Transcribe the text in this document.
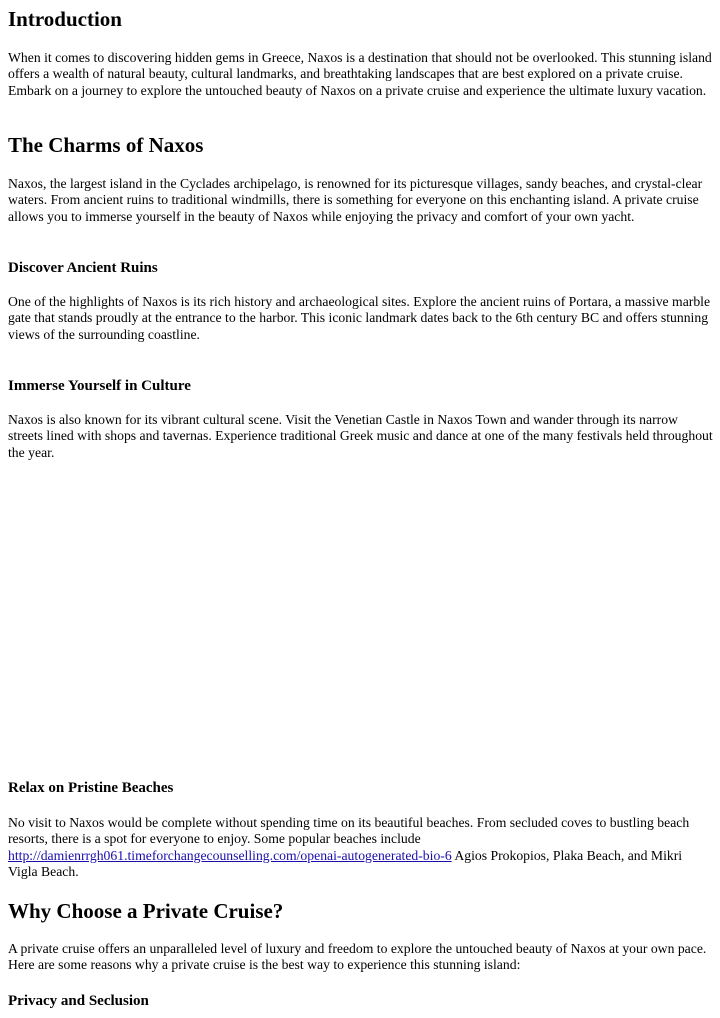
Introduction

When it comes to discovering hidden gems in Greece, Naxos is a destination that should not be overlooked. This stunning island offers a wealth of natural beauty, cultural landmarks, and breathtaking landscapes that are best explored on a private cruise. Embark on a journey to explore the untouched beauty of Naxos on a private cruise and experience the ultimate luxury vacation.

The Charms of Naxos

Naxos, the largest island in the Cyclades archipelago, is renowned for its picturesque villages, sandy beaches, and crystal-clear waters. From ancient ruins to traditional windmills, there is something for everyone on this enchanting island. A private cruise allows you to immerse yourself in the beauty of Naxos while enjoying the privacy and comfort of your own yacht.

Discover Ancient Ruins

One of the highlights of Naxos is its rich history and archaeological sites. Explore the ancient ruins of Portara, a massive marble gate that stands proudly at the entrance to the harbor. This iconic landmark dates back to the 6th century BC and offers stunning views of the surrounding coastline.

Immerse Yourself in Culture

Naxos is also known for its vibrant cultural scene. Visit the Venetian Castle in Naxos Town and wander through its narrow streets lined with shops and tavernas. Experience traditional Greek music and dance at one of the many festivals held throughout the year.

Relax on Pristine Beaches

No visit to Naxos would be complete without spending time on its beautiful beaches. From secluded coves to bustling beach resorts, there is a spot for everyone to enjoy. Some popular beaches include http://damienrrgh061.timeforchangecounselling.com/openai-autogenerated-bio-6 Agios Prokopios, Plaka Beach, and Mikri Vigla Beach.

Why Choose a Private Cruise?

A private cruise offers an unparalleled level of luxury and freedom to explore the untouched beauty of Naxos at your own pace. Here are some reasons why a private cruise is the best way to experience this stunning island:

Privacy and Seclusion
